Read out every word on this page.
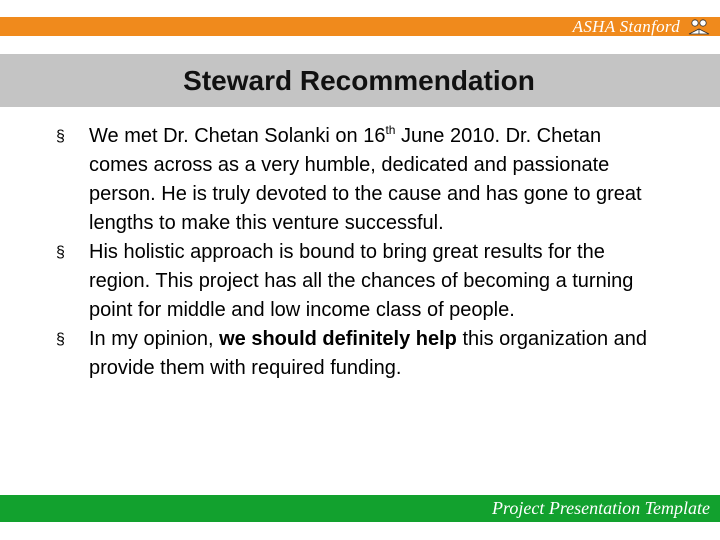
ASHA Stanford
Steward Recommendation
§ We met Dr. Chetan Solanki on 16th June 2010. Dr. Chetan comes across as a very humble, dedicated and passionate person. He is truly devoted to the cause and has gone to great lengths to make this venture successful.
§ His holistic approach is bound to bring great results for the region. This project has all the chances of becoming a turning point for middle and low income class of people.
§ In my opinion, we should definitely help this organization and provide them with required funding.
Project Presentation Template
